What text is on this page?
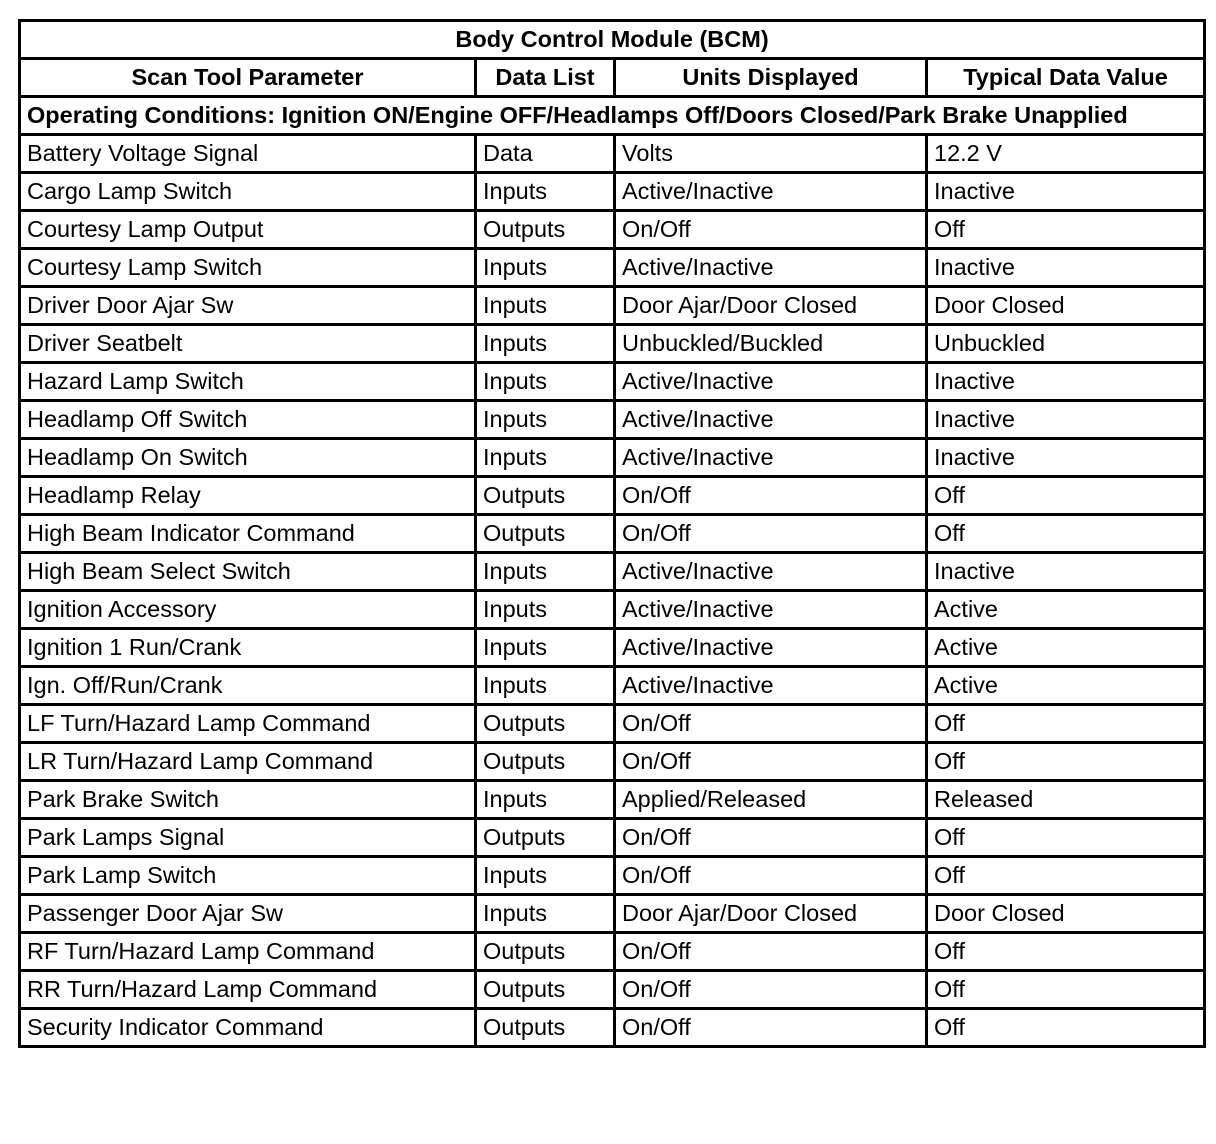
Body Control Module (BCM)			
Scan Tool Parameter	Data List	Units Displayed	Typical Data Value
Operating Conditions: Ignition ON/Engine OFF/Headlamps Off/Doors Closed/Park Brake Unapplied			
Battery Voltage Signal	Data	Volts	12.2 V
Cargo Lamp Switch	Inputs	Active/Inactive	Inactive
Courtesy Lamp Output	Outputs	On/Off	Off
Courtesy Lamp Switch	Inputs	Active/Inactive	Inactive
Driver Door Ajar Sw	Inputs	Door Ajar/Door Closed	Door Closed
Driver Seatbelt	Inputs	Unbuckled/Buckled	Unbuckled
Hazard Lamp Switch	Inputs	Active/Inactive	Inactive
Headlamp Off Switch	Inputs	Active/Inactive	Inactive
Headlamp On Switch	Inputs	Active/Inactive	Inactive
Headlamp Relay	Outputs	On/Off	Off
High Beam Indicator Command	Outputs	On/Off	Off
High Beam Select Switch	Inputs	Active/Inactive	Inactive
Ignition Accessory	Inputs	Active/Inactive	Active
Ignition 1 Run/Crank	Inputs	Active/Inactive	Active
Ign. Off/Run/Crank	Inputs	Active/Inactive	Active
LF Turn/Hazard Lamp Command	Outputs	On/Off	Off
LR Turn/Hazard Lamp Command	Outputs	On/Off	Off
Park Brake Switch	Inputs	Applied/Released	Released
Park Lamps Signal	Outputs	On/Off	Off
Park Lamp Switch	Inputs	On/Off	Off
Passenger Door Ajar Sw	Inputs	Door Ajar/Door Closed	Door Closed
RF Turn/Hazard Lamp Command	Outputs	On/Off	Off
RR Turn/Hazard Lamp Command	Outputs	On/Off	Off
Security Indicator Command	Outputs	On/Off	Off
